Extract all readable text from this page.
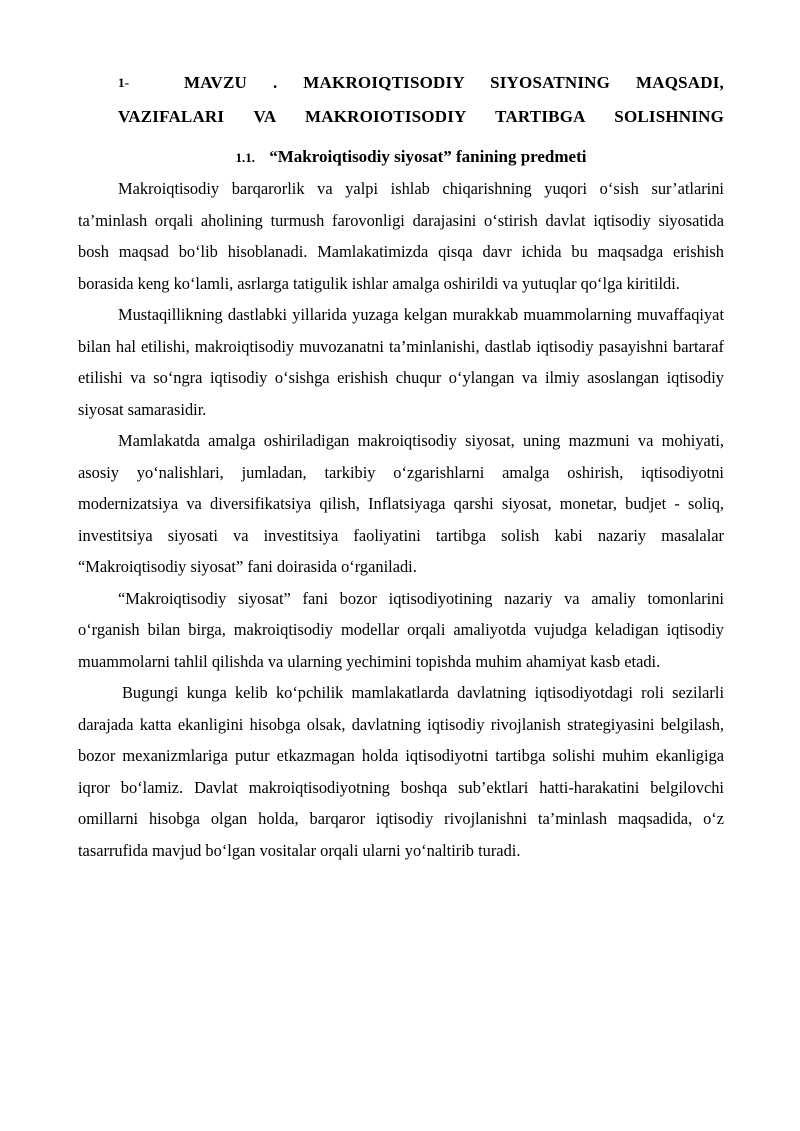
1-	MAVZU . MAKROIQTISODIY SIYOSATNING MAQSADI,
VAZIFALARI VA MAKROIOTISODIY TARTIBGA SOLISHNING
1.1. “Makroiqtisodiy siyosat” fanining predmeti

Makroiqtisodiy barqarorlik va yalpi ishlab chiqarishning yuqori o‘sish sur’atlarini ta’minlash orqali aholining turmush farovonligi darajasini o‘stirish davlat iqtisodiy siyosatida bosh maqsad bo‘lib hisoblanadi. Mamlakatimizda qisqa davr ichida bu maqsadga erishish borasida keng ko‘lamli, asrlarga tatigulik ishlar amalga oshirildi va yutuqlar qo‘lga kiritildi.

Mustaqillikning dastlabki yillarida yuzaga kelgan murakkab muammolarning muvaffaqiyat bilan hal etilishi, makroiqtisodiy muvozanatni ta’minlanishi, dastlab iqtisodiy pasayishni bartaraf etilishi va so‘ngra iqtisodiy o‘sishga erishish chuqur o‘ylangan va ilmiy asoslangan iqtisodiy siyosat samarasidir.

Mamlakatda amalga oshiriladigan makroiqtisodiy siyosat, uning mazmuni va mohiyati, asosiy yo‘nalishlari, jumladan, tarkibiy o‘zgarishlarni amalga oshirish, iqtisodiyotni modernizatsiya va diversifikatsiya qilish, Inflatsiyaga qarshi siyosat, monetar, budjet - soliq, investitsiya siyosati va investitsiya faoliyatini tartibga solish kabi nazariy masalalar “Makroiqtisodiy siyosat” fani doirasida o‘rganiladi.

“Makroiqtisodiy siyosat” fani bozor iqtisodiyotining nazariy va amaliy tomonlarini o‘rganish bilan birga, makroiqtisodiy modellar orqali amaliyotda vujudga keladigan iqtisodiy muammolarni tahlil qilishda va ularning yechimini topishda muhim ahamiyat kasb etadi.

Bugungi kunga kelib ko‘pchilik mamlakatlarda davlatning iqtisodiyotdagi roli sezilarli darajada katta ekanligini hisobga olsak, davlatning iqtisodiy rivojlanish strategiyasini belgilash, bozor mexanizmlariga putur etkazmagan holda iqtisodiyotni tartibga solishi muhim ekanligiga iqror bo‘lamiz. Davlat makroiqtisodiyotning boshqa sub’ektlari hatti-harakatini belgilovchi omillarni hisobga olgan holda, barqaror iqtisodiy rivojlanishni ta’minlash maqsadida, o‘z tasarrufida mavjud bo‘lgan vositalar orqali ularni yo‘naltirib turadi.
